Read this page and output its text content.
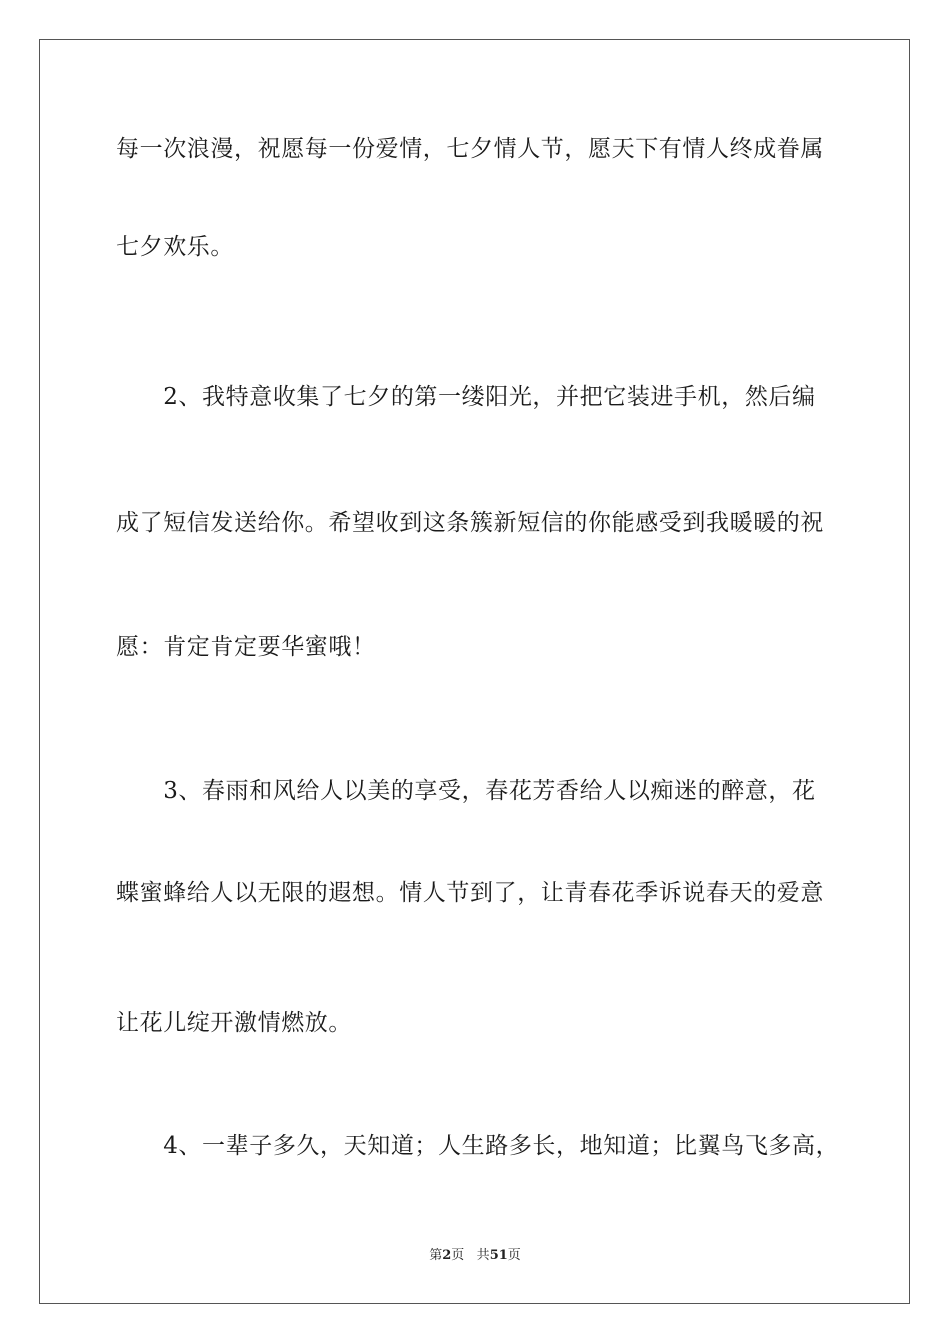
每一次浪漫，祝愿每一份爱情，七夕情人节，愿天下有情人终成眷属
七夕欢乐。
　　2、我特意收集了七夕的第一缕阳光，并把它装进手机，然后编
成了短信发送给你。希望收到这条簇新短信的你能感受到我暖暖的祝
愿：肯定肯定要华蜜哦！
　　3、春雨和风给人以美的享受，春花芳香给人以痴迷的醉意，花
蝶蜜蜂给人以无限的遐想。情人节到了，让青春花季诉说春天的爱意
让花儿绽开激情燃放。
　　4、一辈子多久，天知道；人生路多长，地知道；比翼鸟飞多高，
第2页 共51页
